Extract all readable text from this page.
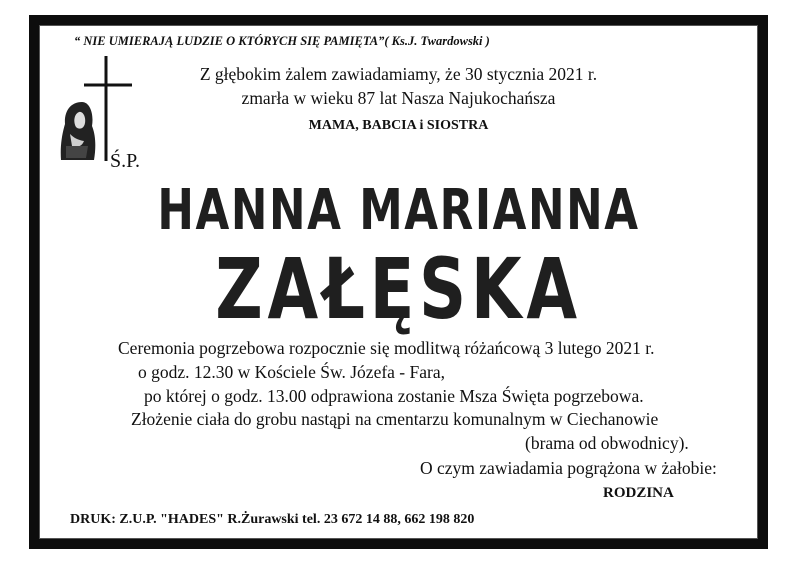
“ NIE UMIERAJĄ LUDZIE O KTÓRYCH SIĘ PAMIĘTA”( Ks.J. Twardowski )
Z głębokim żalem zawiadamiamy, że 30 stycznia 2021 r.
zmarła w wieku 87 lat Nasza Najukochańsza
MAMA, BABCIA i SIOSTRA
Ś.P.
HANNA MARIANNA
ZAŁĘSKA
Ceremonia pogrzebowa rozpocznie się modlitwą różańcową 3 lutego 2021 r.
o godz. 12.30 w Kościele Św. Józefa - Fara,
po której o godz. 13.00 odprawiona zostanie Msza Święta pogrzebowa.
Złożenie ciała do grobu nastąpi na cmentarzu komunalnym w Ciechanowie
(brama od obwodnicy).
O czym zawiadamia pogrążona w żałobie:
RODZINA
DRUK: Z.U.P. "HADES" R.Żurawski tel. 23 672 14 88, 662 198 820
